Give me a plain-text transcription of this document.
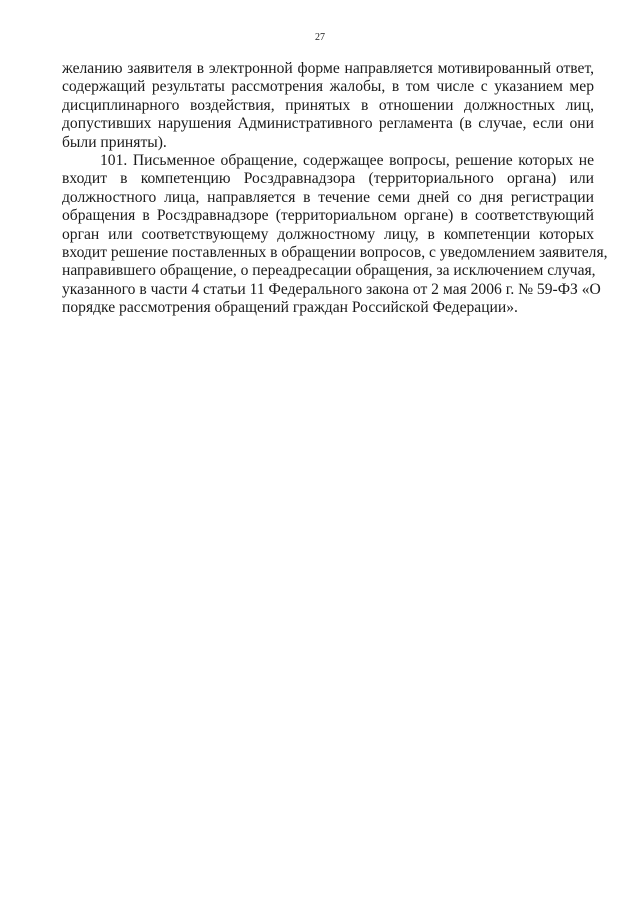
27
желанию заявителя в электронной форме направляется мотивированный ответ,
содержащий результаты рассмотрения жалобы, в том числе с указанием мер
дисциплинарного воздействия, принятых в отношении должностных лиц,
допустивших нарушения Административного регламента (в случае, если они
были приняты).
101. Письменное обращение, содержащее вопросы, решение которых не
входит в компетенцию Росздравнадзора (территориального органа) или
должностного лица, направляется в течение семи дней со дня регистрации
обращения в Росздравнадзоре (территориальном органе) в соответствующий
орган или соответствующему должностному лицу, в компетенции которых
входит решение поставленных в обращении вопросов, с уведомлением заявителя,
направившего обращение, о переадресации обращения, за исключением случая,
указанного в части 4 статьи 11 Федерального закона от 2 мая 2006 г. № 59-ФЗ «О
порядке рассмотрения обращений граждан Российской Федерации».
